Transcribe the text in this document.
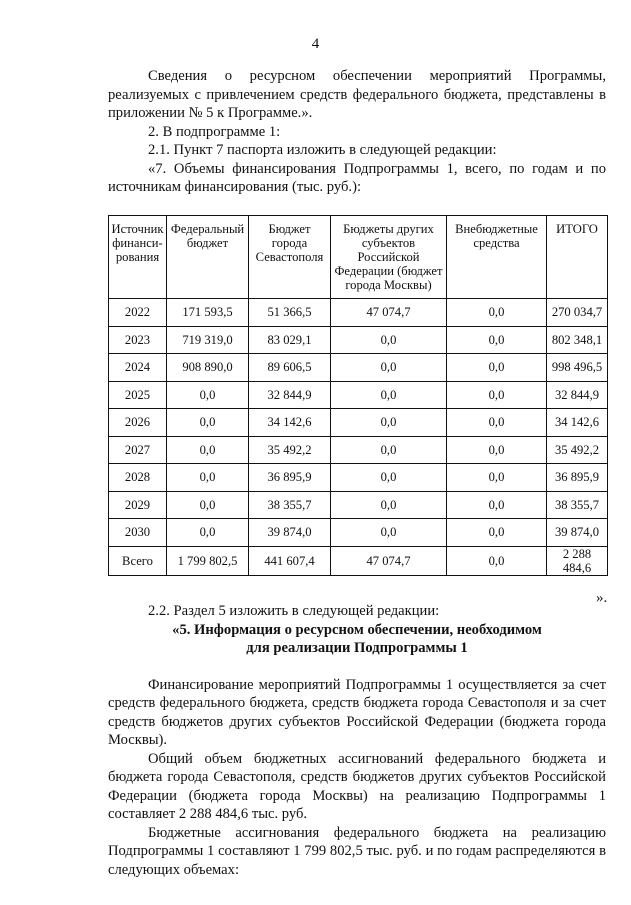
4

Сведения о ресурсном обеспечении мероприятий Программы, реализуемых с привлечением средств федерального бюджета, представлены в приложении № 5 к Программе.».

2. В подпрограмме 1:

2.1. Пункт 7 паспорта изложить в следующей редакции:

«7. Объемы финансирования Подпрограммы 1, всего, по годам и по источникам финансирования (тыс. руб.):

Источник финанси-рования	Федеральный бюджет	Бюджет города Севастополя	Бюджеты других субъектов Российской Федерации (бюджет города Москвы)	Внебюджетные средства	ИТОГО
2022	171 593,5	51 366,5	47 074,7	0,0	270 034,7
2023	719 319,0	83 029,1	0,0	0,0	802 348,1
2024	908 890,0	89 606,5	0,0	0,0	998 496,5
2025	0,0	32 844,9	0,0	0,0	32 844,9
2026	0,0	34 142,6	0,0	0,0	34 142,6
2027	0,0	35 492,2	0,0	0,0	35 492,2
2028	0,0	36 895,9	0,0	0,0	36 895,9
2029	0,0	38 355,7	0,0	0,0	38 355,7
2030	0,0	39 874,0	0,0	0,0	39 874,0
Всего	1 799 802,5	441 607,4	47 074,7	0,0	2 288 484,6
».

2.2. Раздел 5 изложить в следующей редакции:

«5. Информация о ресурсном обеспечении, необходимом

для реализации Подпрограммы 1

Финансирование мероприятий Подпрограммы 1 осуществляется за счет средств федерального бюджета, средств бюджета города Севастополя и за счет средств бюджетов других субъектов Российской Федерации (бюджета города Москвы).

Общий объем бюджетных ассигнований федерального бюджета и бюджета города Севастополя, средств бюджетов других субъектов Российской Федерации (бюджета города Москвы) на реализацию Подпрограммы 1 составляет 2 288 484,6 тыс. руб.

Бюджетные ассигнования федерального бюджета на реализацию Подпрограммы 1 составляют 1 799 802,5 тыс. руб. и по годам распределяются в следующих объемах:
